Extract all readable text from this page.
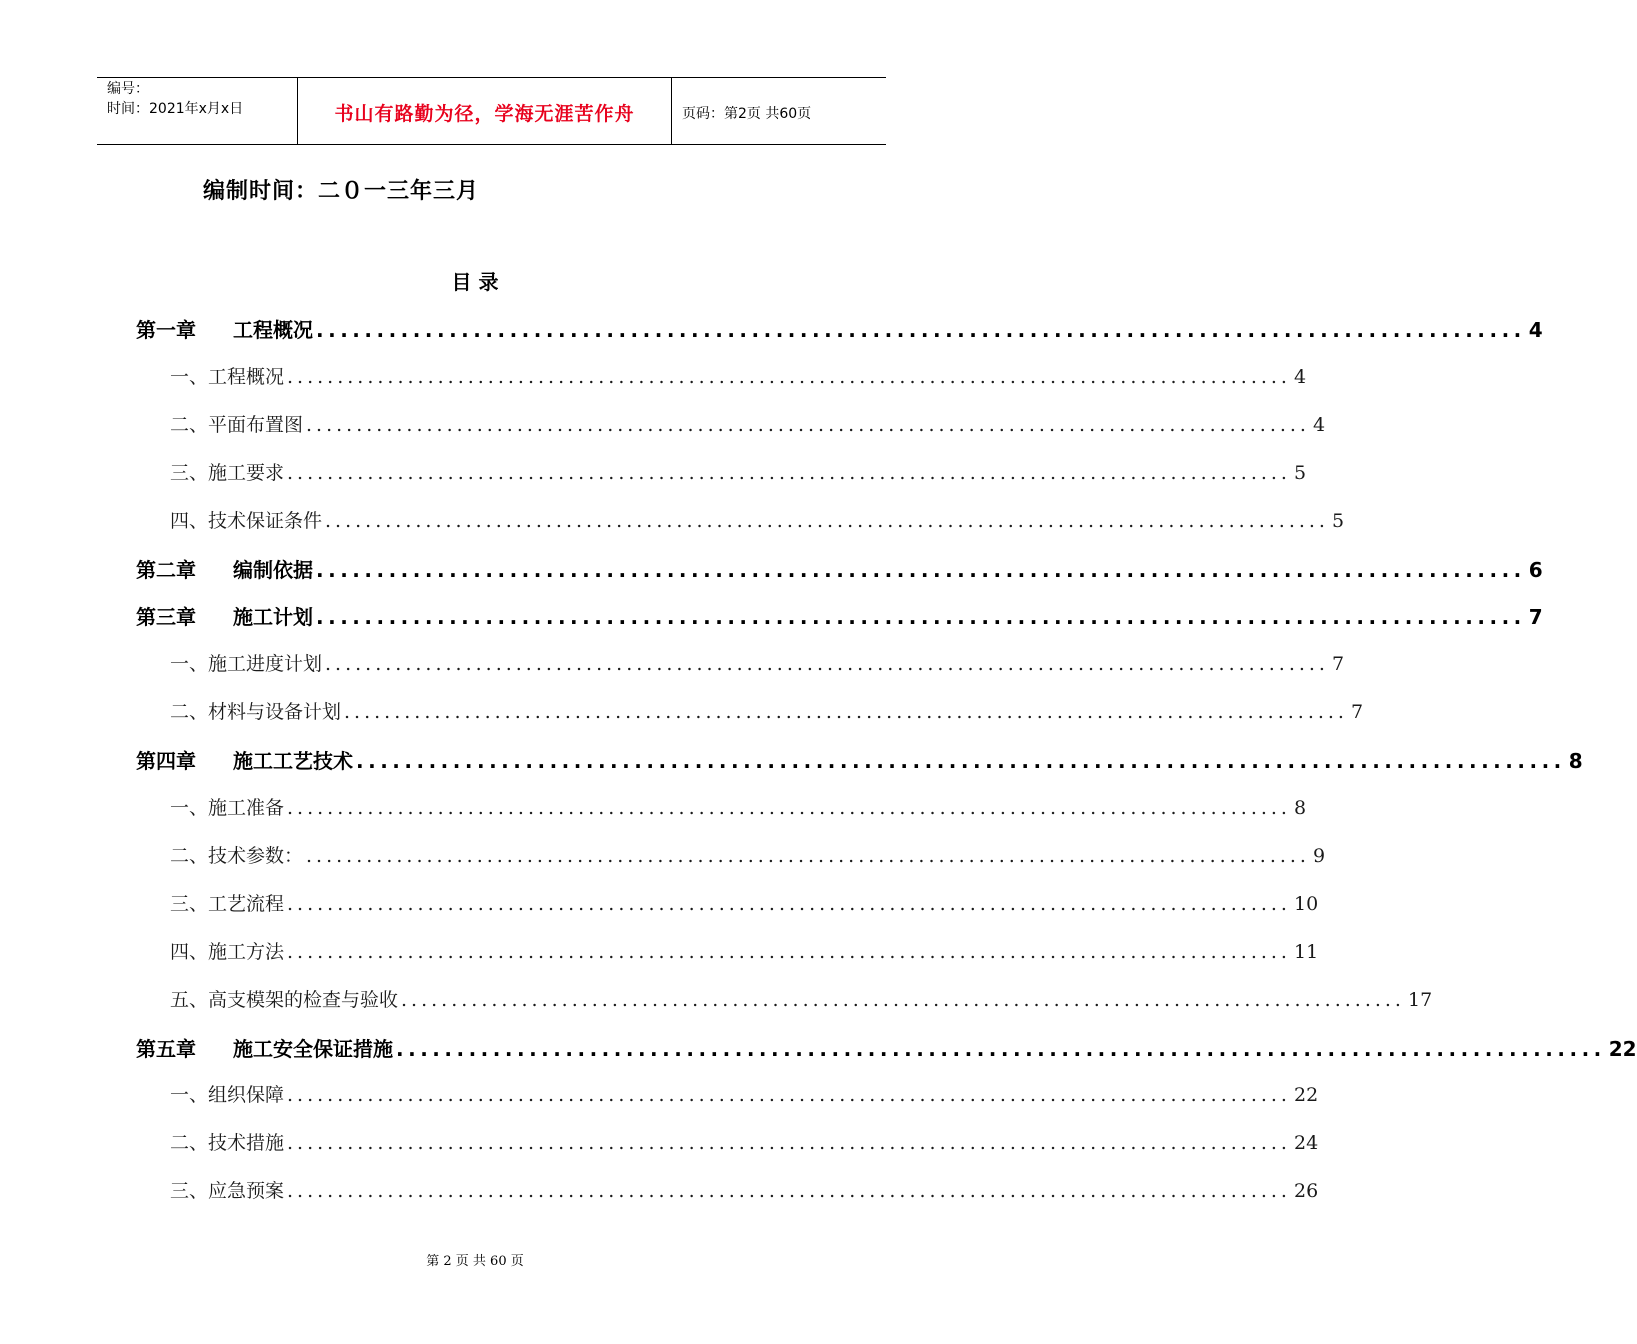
编号：
时间：2021年x月x日	书山有路勤为径，学海无涯苦作舟	页码：第2页 共60页
编制时间：二０一三年三月
目 录
第一章 工程概况 .................................................................................................... 4
一、工程概况 .................................................................................................... 4
二、平面布置图 .................................................................................................... 4
三、施工要求 .................................................................................................... 5
四、技术保证条件 .................................................................................................... 5
第二章 编制依据 .................................................................................................... 6
第三章 施工计划 .................................................................................................... 7
一、施工进度计划 .................................................................................................... 7
二、材料与设备计划 .................................................................................................... 7
第四章 施工工艺技术 .................................................................................................... 8
一、施工准备 .................................................................................................... 8
二、技术参数： .................................................................................................... 9
三、工艺流程 .................................................................................................... 10
四、施工方法 .................................................................................................... 11
五、高支模架的检查与验收 .................................................................................................... 17
第五章 施工安全保证措施 .................................................................................................... 22
一、组织保障 .................................................................................................... 22
二、技术措施 .................................................................................................... 24
三、应急预案 .................................................................................................... 26
第 2 页 共 60 页
